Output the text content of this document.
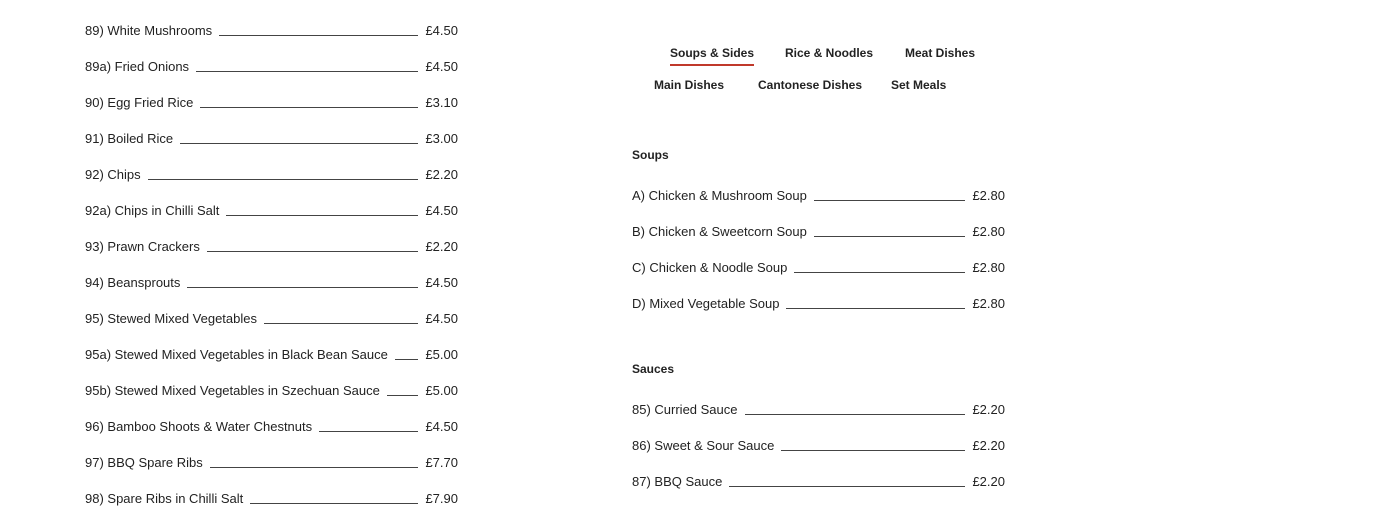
89) White Mushrooms	£4.50
89a) Fried Onions	£4.50
90) Egg Fried Rice	£3.10
91) Boiled Rice	£3.00
92) Chips	£2.20
92a) Chips in Chilli Salt	£4.50
93) Prawn Crackers	£2.20
94) Beansprouts	£4.50
95) Stewed Mixed Vegetables	£4.50
95a) Stewed Mixed Vegetables in Black Bean Sauce	£5.00
95b) Stewed Mixed Vegetables in Szechuan Sauce	£5.00
96) Bamboo Shoots & Water Chestnuts	£4.50
97) BBQ Spare Ribs	£7.70
98) Spare Ribs in Chilli Salt	£7.90
Soups & Sides	Rice & Noodles	Meat Dishes
Main Dishes	Cantonese Dishes Set Meals
Soups
A) Chicken & Mushroom Soup	£2.80
B) Chicken & Sweetcorn Soup	£2.80
C) Chicken & Noodle Soup	£2.80
D) Mixed Vegetable Soup	£2.80
Sauces
85) Curried Sauce	£2.20
86) Sweet & Sour Sauce	£2.20
87) BBQ Sauce	£2.20
